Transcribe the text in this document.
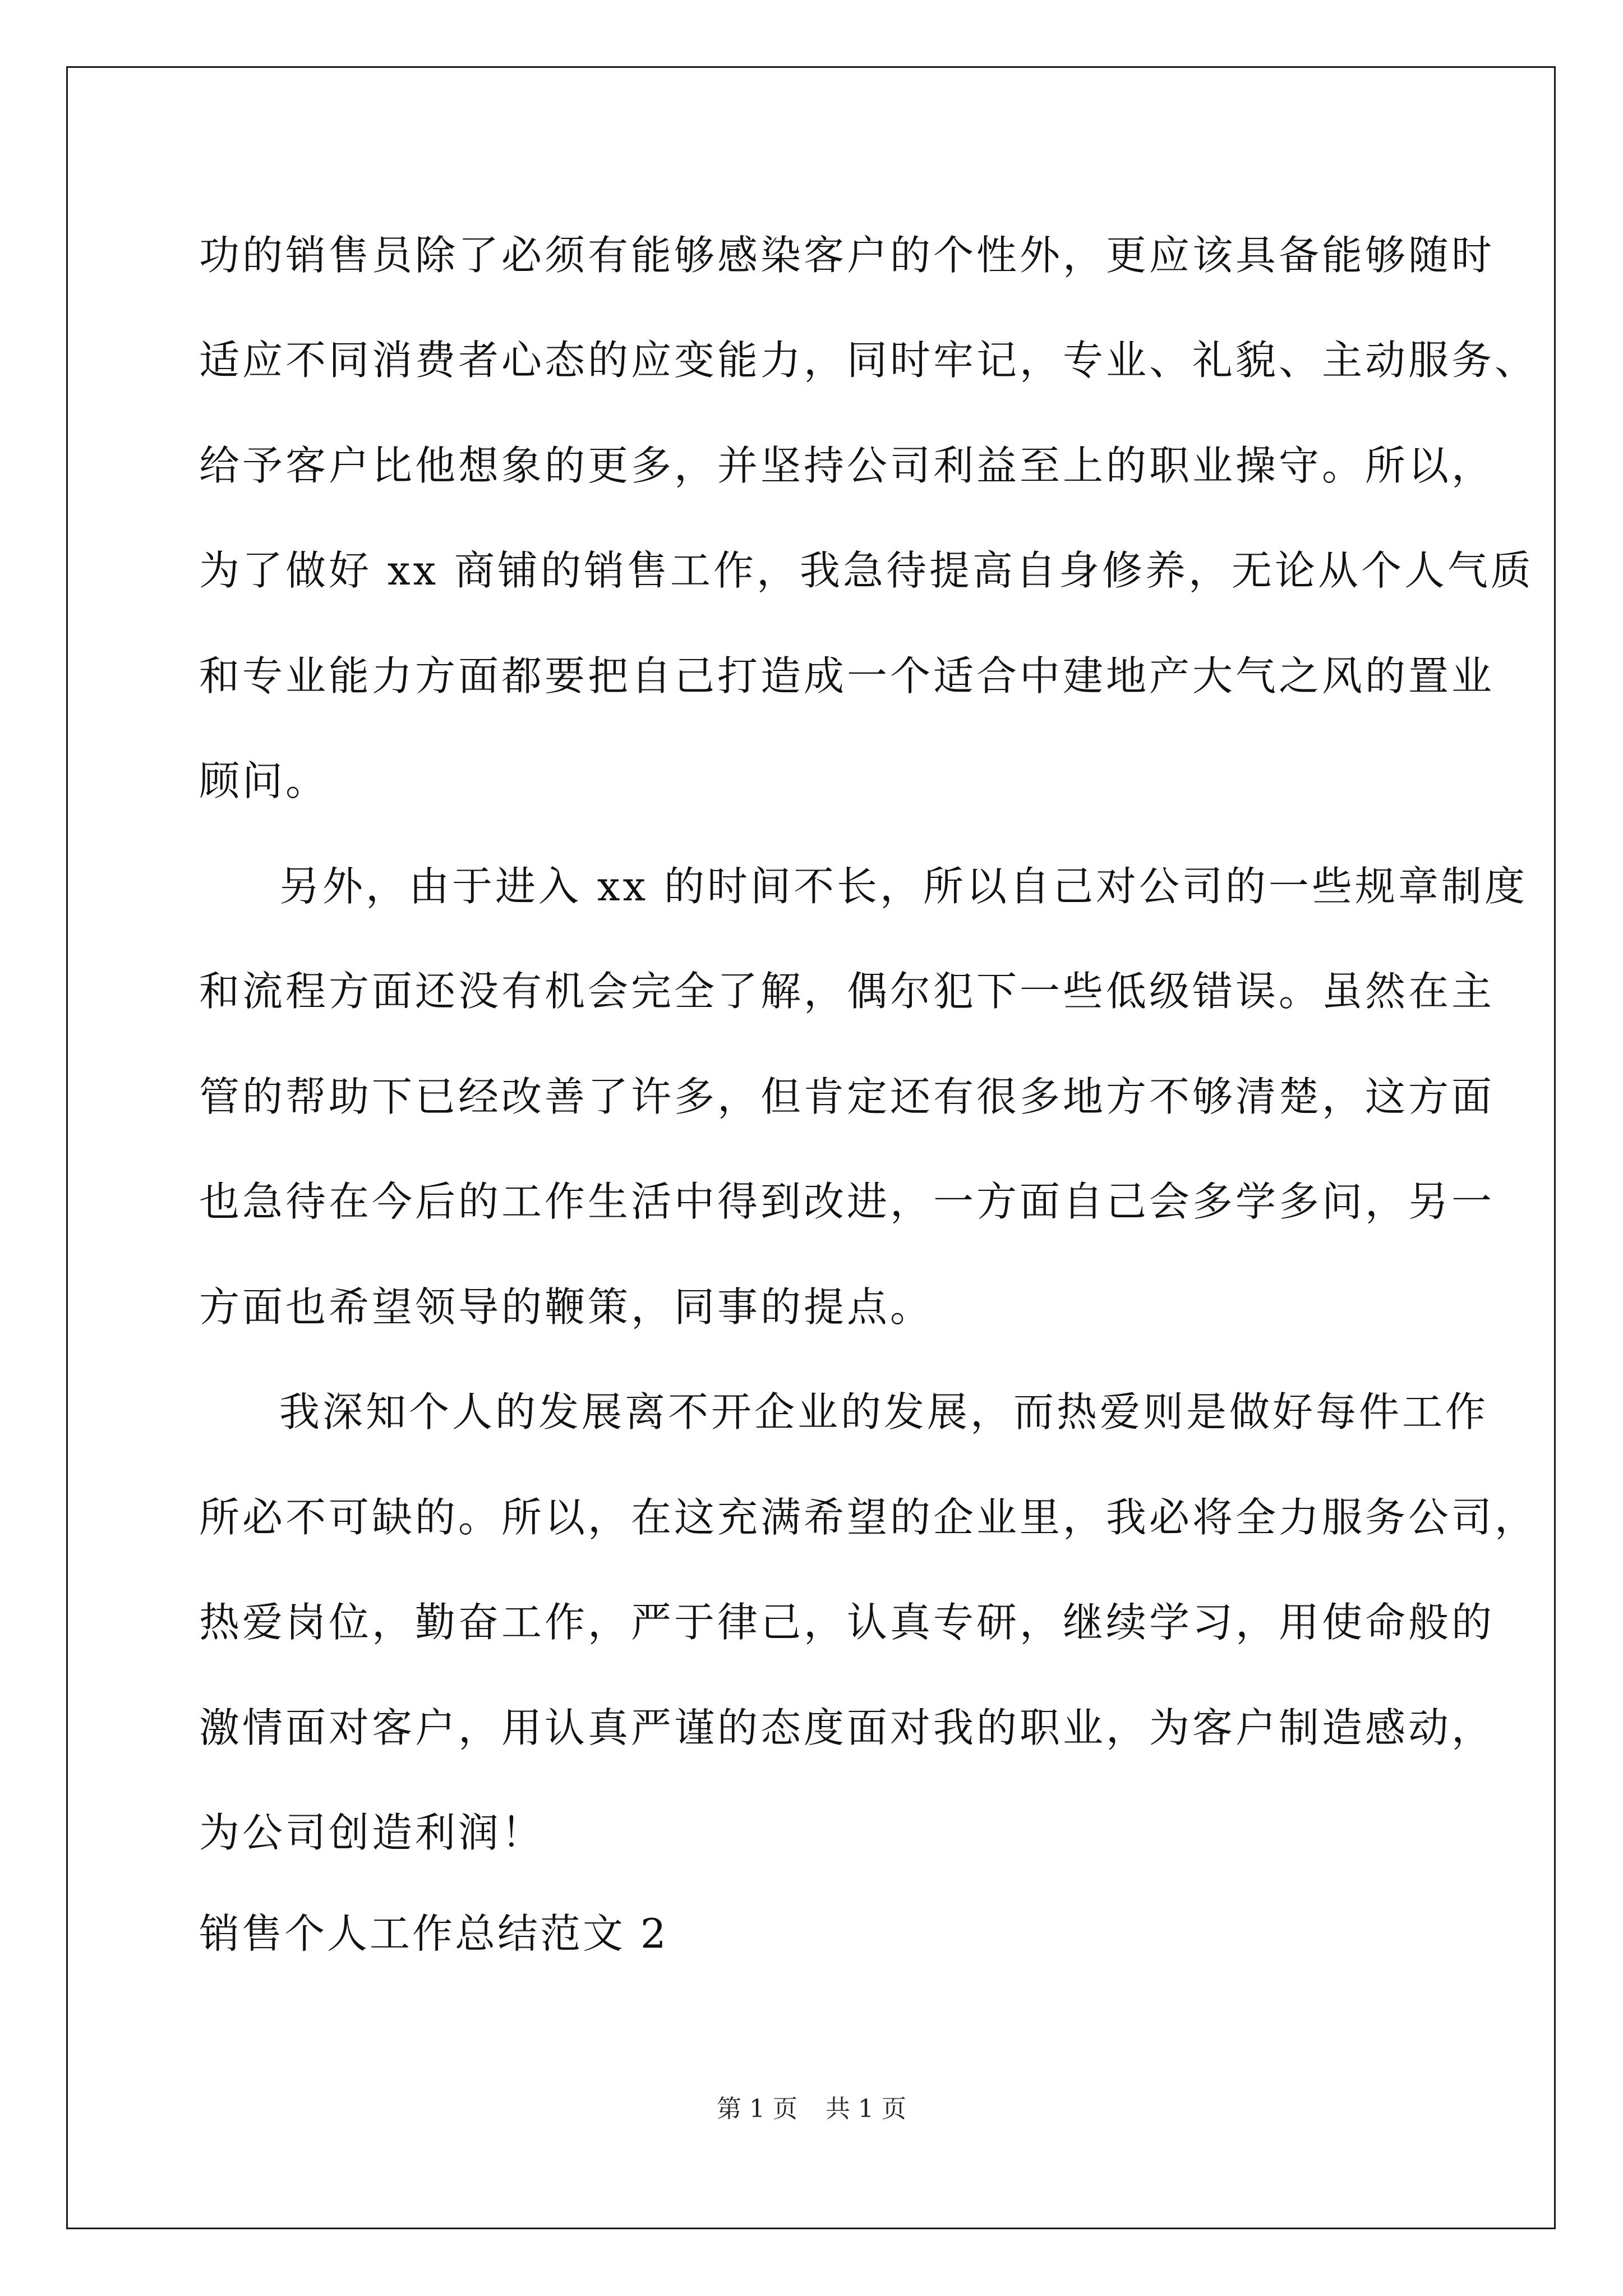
功的销售员除了必须有能够感染客户的个性外，更应该具备能够随时
适应不同消费者心态的应变能力，同时牢记，专业、礼貌、主动服务、
给予客户比他想象的更多，并坚持公司利益至上的职业操守。所以，
为了做好 xx 商铺的销售工作，我急待提高自身修养，无论从个人气质
和专业能力方面都要把自己打造成一个适合中建地产大气之风的置业
顾问。
另外，由于进入 xx 的时间不长，所以自己对公司的一些规章制度
和流程方面还没有机会完全了解，偶尔犯下一些低级错误。虽然在主
管的帮助下已经改善了许多，但肯定还有很多地方不够清楚，这方面
也急待在今后的工作生活中得到改进，一方面自己会多学多问，另一
方面也希望领导的鞭策，同事的提点。
我深知个人的发展离不开企业的发展，而热爱则是做好每件工作
所必不可缺的。所以，在这充满希望的企业里，我必将全力服务公司，
热爱岗位，勤奋工作，严于律己，认真专研，继续学习，用使命般的
激情面对客户，用认真严谨的态度面对我的职业，为客户制造感动，
为公司创造利润！
销售个人工作总结范文 2
第 1 页 共 1 页
